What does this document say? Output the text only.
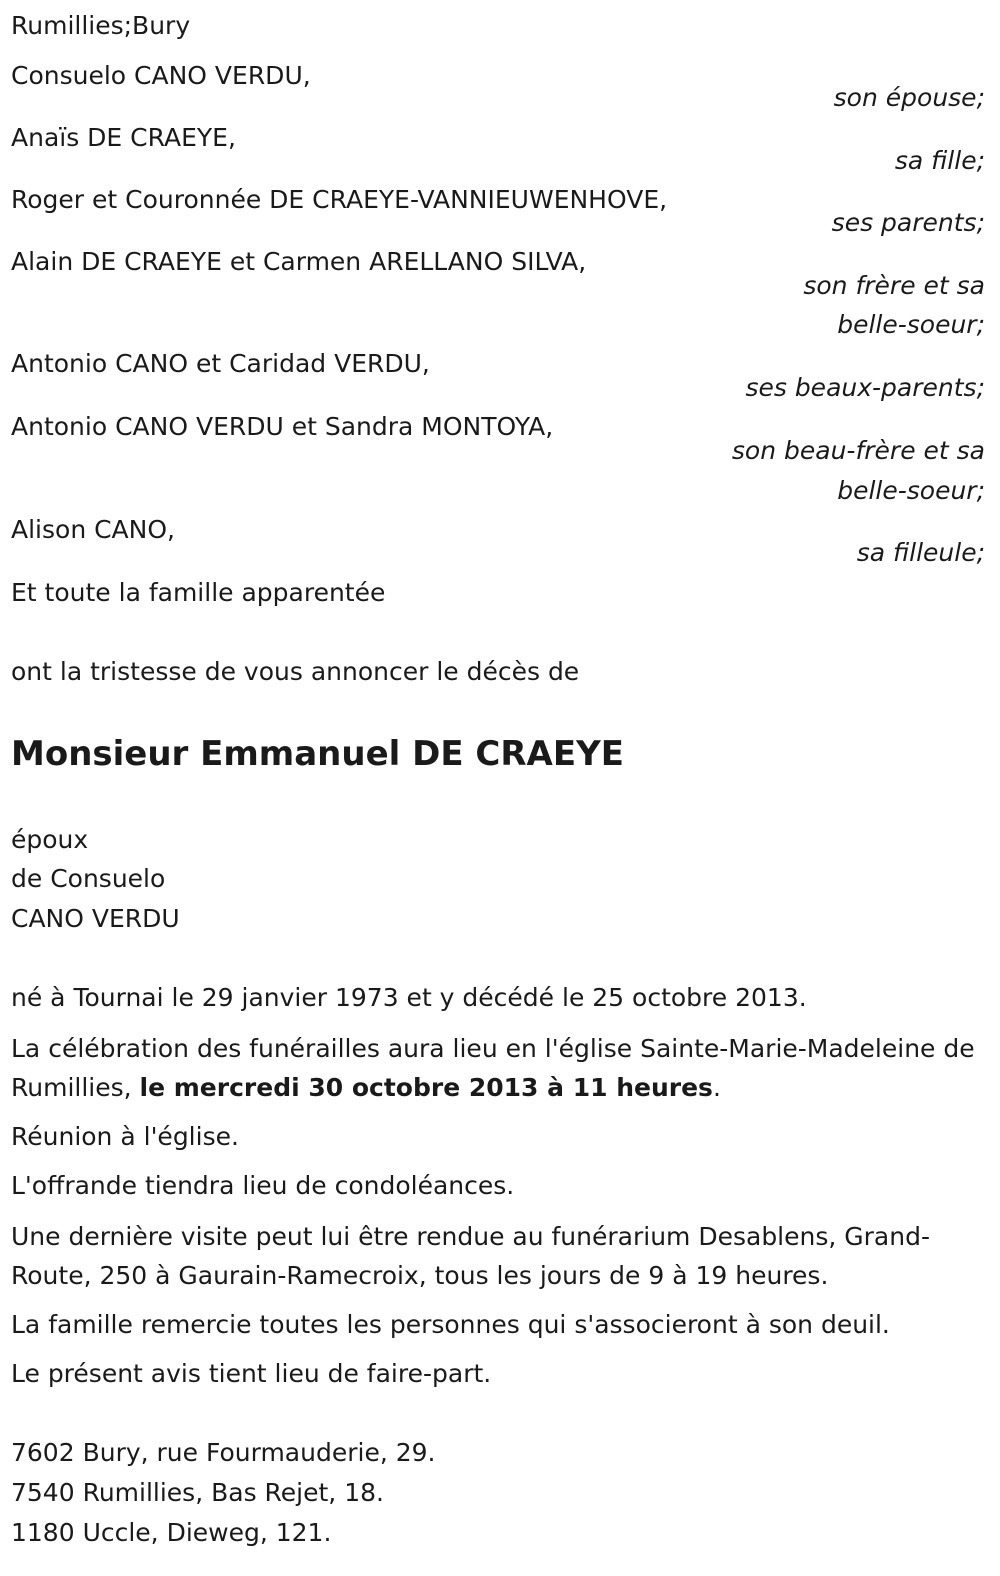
Rumillies;Bury
Consuelo CANO VERDU,
son épouse;
Anaïs DE CRAEYE,
sa fille;
Roger et Couronnée DE CRAEYE-VANNIEUWENHOVE,
ses parents;
Alain DE CRAEYE et Carmen ARELLANO SILVA,
son frère et sa
belle-soeur;
Antonio CANO et Caridad VERDU,
ses beaux-parents;
Antonio CANO VERDU et Sandra MONTOYA,
son beau-frère et sa
belle-soeur;
Alison CANO,
sa filleule;
Et toute la famille apparentée
ont la tristesse de vous annoncer le décès de
Monsieur Emmanuel DE CRAEYE
époux
de Consuelo
CANO VERDU
né à Tournai le 29 janvier 1973 et y décédé le 25 octobre 2013.
La célébration des funérailles aura lieu en l'église Sainte-Marie-Madeleine de Rumillies, le mercredi 30 octobre 2013 à 11 heures.
Réunion à l'église.
L'offrande tiendra lieu de condoléances.
Une dernière visite peut lui être rendue au funérarium Desablens, Grand-Route, 250 à Gaurain-Ramecroix, tous les jours de 9 à 19 heures.
La famille remercie toutes les personnes qui s'associeront à son deuil.
Le présent avis tient lieu de faire-part.
7602 Bury, rue Fourmauderie, 29.
7540 Rumillies, Bas Rejet, 18.
1180 Uccle, Dieweg, 121.
